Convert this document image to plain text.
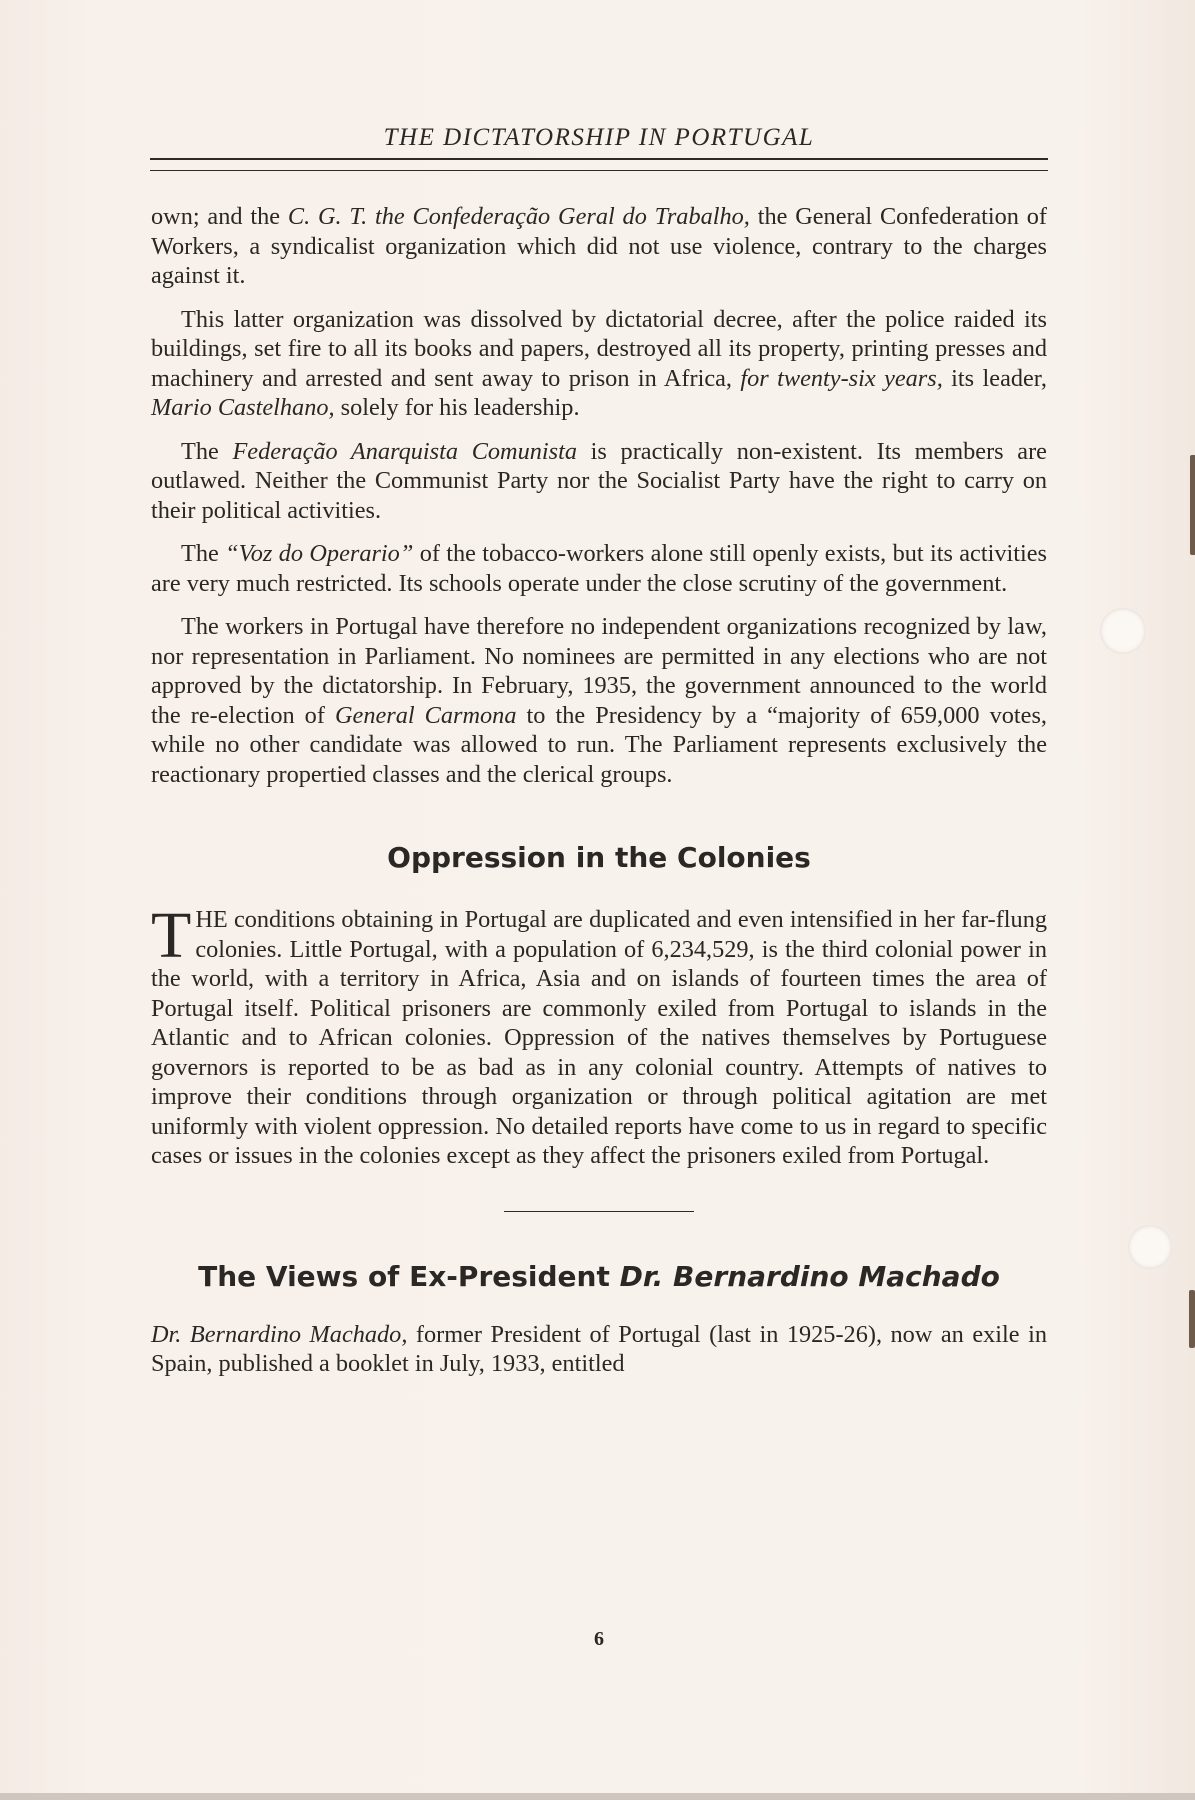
THE DICTATORSHIP IN PORTUGAL

own; and the C. G. T. the Confederação Geral do Trabalho, the General Confederation of Workers, a syndicalist organization which did not use violence, contrary to the charges against it.

This latter organization was dissolved by dictatorial decree, after the police raided its buildings, set fire to all its books and papers, destroyed all its property, printing presses and machinery and arrested and sent away to prison in Africa, for twenty-six years, its leader, Mario Castelhano, solely for his leadership.

The Federação Anarquista Comunista is practically non-existent. Its members are outlawed. Neither the Communist Party nor the Socialist Party have the right to carry on their political activities.

The “Voz do Operario” of the tobacco-workers alone still openly exists, but its activities are very much restricted. Its schools operate under the close scrutiny of the government.

The workers in Portugal have therefore no independent organizations recognized by law, nor representation in Parliament. No nominees are permitted in any elections who are not approved by the dictatorship. In February, 1935, the government announced to the world the re-election of General Carmona to the Presidency by a “majority of 659,000 votes, while no other candidate was allowed to run. The Parliament represents exclusively the reactionary propertied classes and the clerical groups.

Oppression in the Colonies

THE conditions obtaining in Portugal are duplicated and even intensified in her far-flung colonies. Little Portugal, with a population of 6,234,529, is the third colonial power in the world, with a territory in Africa, Asia and on islands of fourteen times the area of Portugal itself. Political prisoners are commonly exiled from Portugal to islands in the Atlantic and to African colonies. Oppression of the natives themselves by Portuguese governors is reported to be as bad as in any colonial country. Attempts of natives to improve their conditions through organization or through political agitation are met uniformly with violent oppression. No detailed reports have come to us in regard to specific cases or issues in the colonies except as they affect the prisoners exiled from Portugal.

The Views of Ex-President Dr. Bernardino Machado

Dr. Bernardino Machado, former President of Portugal (last in 1925-26), now an exile in Spain, published a booklet in July, 1933, entitled

6
